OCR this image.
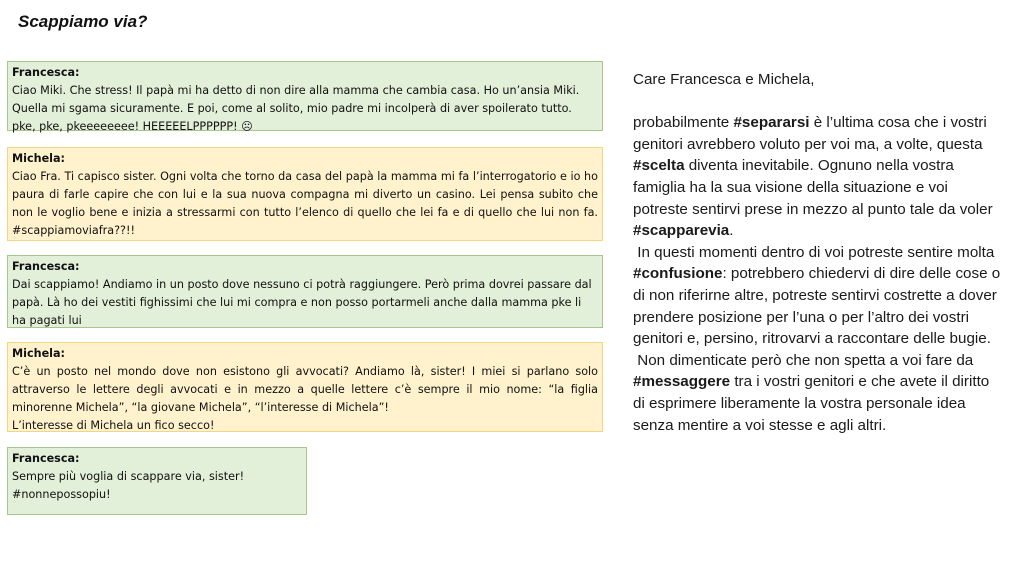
Scappiamo via?
Francesca:
Ciao Miki. Che stress! Il papà mi ha detto di non dire alla mamma che cambia casa. Ho un’ansia Miki.
Quella mi sgama sicuramente. E poi, come al solito, mio padre mi incolperà di aver spoilerato tutto.
pke, pke, pkeeeeeeee! HEEEEELPPPPPP! ☹
Michela:
Ciao Fra. Ti capisco sister. Ogni volta che torno da casa del papà la mamma mi fa l’interrogatorio e io ho paura di farle capire che con lui e la sua nuova compagna mi diverto un casino. Lei pensa subito che non le voglio bene e inizia a stressarmi con tutto l’elenco di quello che lei fa e di quello che lui non fa. #scappiamoviafra??!!
Francesca:
Dai scappiamo! Andiamo in un posto dove nessuno ci potrà raggiungere. Però prima dovrei passare dal papà. Là ho dei vestiti fighissimi che lui mi compra e non posso portarmeli anche dalla mamma pke li ha pagati lui
Michela:
C’è un posto nel mondo dove non esistono gli avvocati? Andiamo là, sister! I miei si parlano solo attraverso le lettere degli avvocati e in mezzo a quelle lettere c’è sempre il mio nome: “la figlia minorenne Michela”, “la giovane Michela”, “l’interesse di Michela”!
L’interesse di Michela un fico secco!
Francesca:
Sempre più voglia di scappare via, sister!
#nonnepossopiu!

Care Francesca e Michela,

probabilmente #separarsi è l’ultima cosa che i vostri genitori avrebbero voluto per voi ma, a volte, questa #scelta diventa inevitabile. Ognuno nella vostra famiglia ha la sua visione della situazione e voi potreste sentirvi prese in mezzo al punto tale da voler #scapparevia.

In questi momenti dentro di voi potreste sentire molta #confusione: potrebbero chiedervi di dire delle cose o di non riferirne altre, potreste sentirvi costrette a dover prendere posizione per l’una o per l’altro dei vostri genitori e, persino, ritrovarvi a raccontare delle bugie.

Non dimenticate però che non spetta a voi fare da #messaggere tra i vostri genitori e che avete il diritto di esprimere liberamente la vostra personale idea senza mentire a voi stesse e agli altri.
